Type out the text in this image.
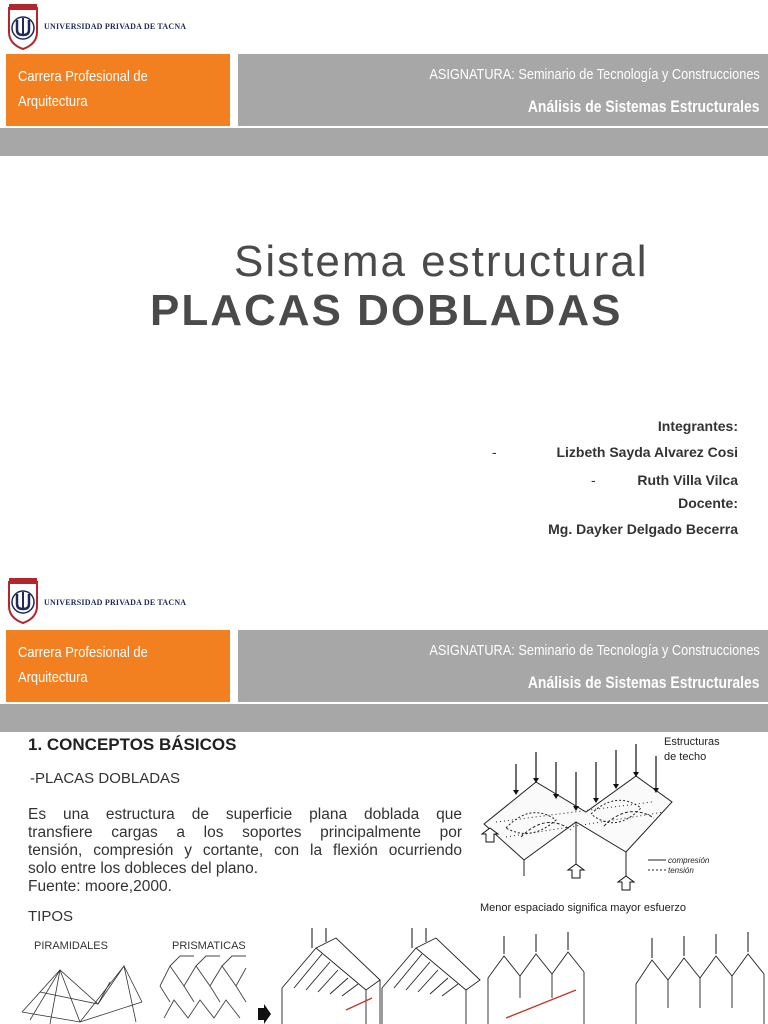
UNIVERSIDAD PRIVADA DE TACNA
Carrera Profesional de
Arquitectura
ASIGNATURA: Seminario de Tecnología y Construcciones
Análisis de Sistemas Estructurales
Sistema estructural
PLACAS DOBLADAS
Integrantes:
-	Lizbeth Sayda Alvarez Cosi
-	Ruth Villa Vilca
Docente:
Mg. Dayker Delgado Becerra
UNIVERSIDAD PRIVADA DE TACNA
Carrera Profesional de
Arquitectura
ASIGNATURA: Seminario de Tecnología y Construcciones
Análisis de Sistemas Estructurales
1. CONCEPTOS BÁSICOS
-PLACAS DOBLADAS
Es una estructura de superficie plana doblada que
transfiere cargas a los soportes principalmente por
tensión, compresión y cortante, con la flexión ocurriendo
solo entre los dobleces del plano.
Fuente: moore,2000.
TIPOS
PIRAMIDALES	PRISMATICAS
Estructuras
de techo
compresión
tensión
Menor espaciado significa mayor esfuerzo
